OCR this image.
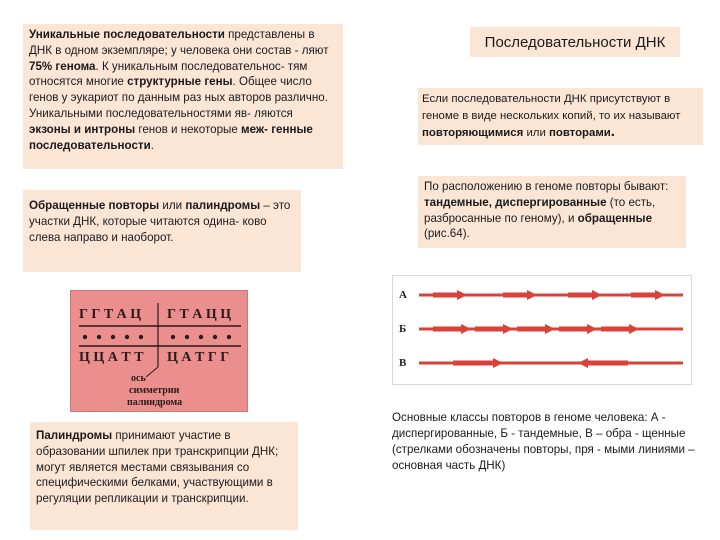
Уникальные последовательности представлены в ДНК в одном экземпляре; у человека они состав - ляют 75% генома. К уникальным последовательнос- тям относятся многие структурные гены. Общее число генов у эукариот по данным раз ных авторов различно. Уникальными последовательностями яв- ляются экзоны и интроны генов и некоторые меж- генные последовательности.
Последовательности ДНК
Если последовательности ДНК присутствуют в геноме в виде нескольких копий, то их называют повторяющимися или повторами.
Обращенные повторы или палиндромы – это участки ДНК, которые читаются одина- ково слева направо и наоборот.
По расположению в геноме повторы бывают: тандемные, диспергированные (то есть, разбросанные по геному), и обращенные (рис.64).
Г Г Т А Ц Г Т А Ц Ц
Ц Ц А Т Т Ц А Т Г Г
ось
симметрии
палиндрома
Палиндромы принимают участие в образовании шпилек при транскрипции ДНК; могут является местами связывания со специфическими белками, участвующими в регуляции репликации и транскрипции.
А
Б
В
Основные классы повторов в геноме человека: А - диспергированные, Б - тандемные, В – обра - щенные (стрелками обозначены повторы, пря - мыми линиями – основная часть ДНК)
